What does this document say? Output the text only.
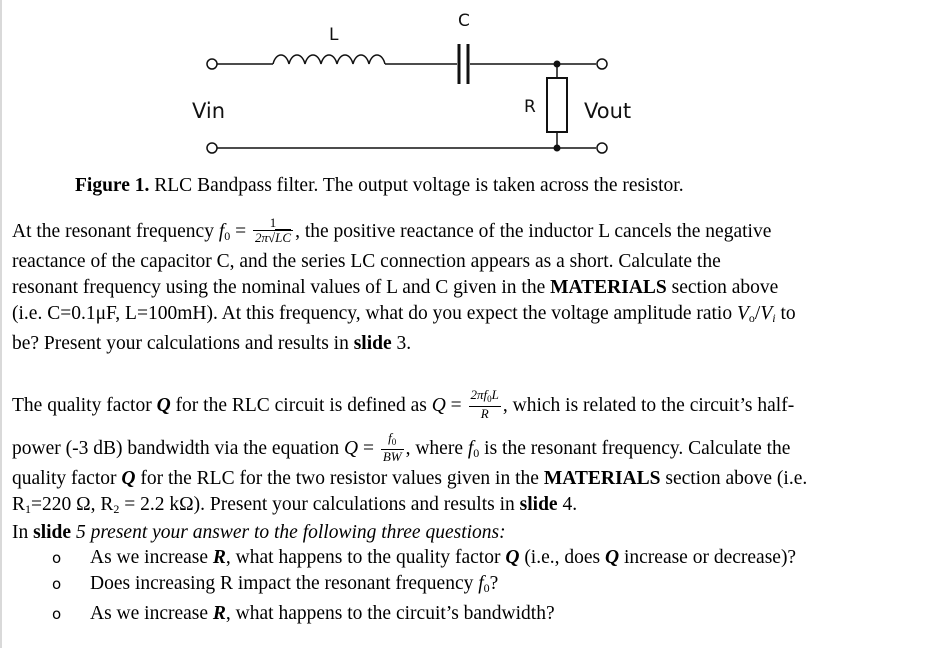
L
C
R
Vin	Vout
Figure 1. RLC Bandpass filter. The output voltage is taken across the resistor.
At the resonant frequency $f_0 = \frac{1}{2\pi√LC}$ , the positive reactance of the inductor L cancels the negative
reactance of the capacitor C, and the series LC connection appears as a short. Calculate the
resonant frequency using the nominal values of L and C given in the MATERIALS section above
(i.e. C=0.1μF, L=100mH). At this frequency, what do you expect the voltage amplitude ratio $V_o/Vi$ to
be? Present your calculations and results in slide 3.
The quality factor Q for the RLC circuit is defined as $Q = \frac{2\pi f_0L}{R}$ , which is related to the circuit’s half-
power (-3 dB) bandwidth via the equation $Q = \frac{f_0}{BW}$ , where $f_0$ is the resonant frequency. Calculate the
quality factor Q for the RLC for the two resistor values given in the MATERIALS section above (i.e.
$R_1=220$ Ω, $R_2 = 2.2$ kΩ). Present your calculations and results in slide 4.
In slide 5 present your answer to the following three questions:
o As we increase R, what happens to the quality factor Q (i.e., does Q increase or decrease)?
o Does increasing R impact the resonant frequency $f_0$?
o As we increase R, what happens to the circuit’s bandwidth?
